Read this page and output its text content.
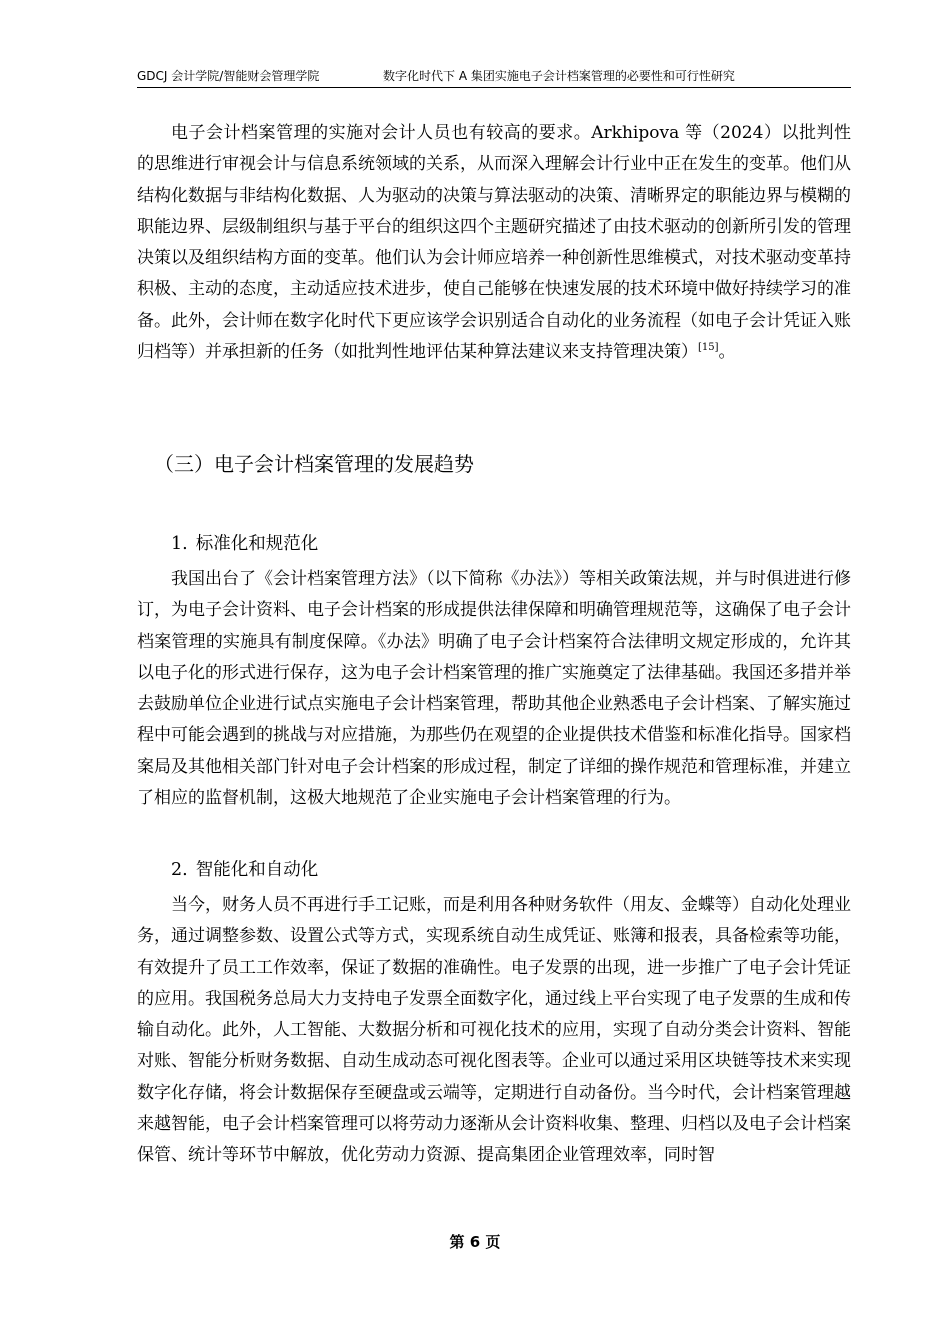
GDCJ 会计学院/智能财会管理学院	数字化时代下 A 集团实施电子会计档案管理的必要性和可行性研究

电子会计档案管理的实施对会计人员也有较高的要求。Arkhipova 等（2024）以批判性的思维进行审视会计与信息系统领域的关系，从而深入理解会计行业中正在发生的变革。他们从结构化数据与非结构化数据、人为驱动的决策与算法驱动的决策、清晰界定的职能边界与模糊的职能边界、层级制组织与基于平台的组织这四个主题研究描述了由技术驱动的创新所引发的管理决策以及组织结构方面的变革。他们认为会计师应培养一种创新性思维模式，对技术驱动变革持积极、主动的态度，主动适应技术进步，使自己能够在快速发展的技术环境中做好持续学习的准备。此外，会计师在数字化时代下更应该学会识别适合自动化的业务流程（如电子会计凭证入账归档等）并承担新的任务（如批判性地评估某种算法建议来支持管理决策）[15]。

（三）电子会计档案管理的发展趋势
1. 标准化和规范化

我国出台了《会计档案管理方法》（以下简称《办法》）等相关政策法规，并与时俱进进行修订，为电子会计资料、电子会计档案的形成提供法律保障和明确管理规范等，这确保了电子会计档案管理的实施具有制度保障。《办法》明确了电子会计档案符合法律明文规定形成的，允许其以电子化的形式进行保存，这为电子会计档案管理的推广实施奠定了法律基础。我国还多措并举去鼓励单位企业进行试点实施电子会计档案管理，帮助其他企业熟悉电子会计档案、了解实施过程中可能会遇到的挑战与对应措施，为那些仍在观望的企业提供技术借鉴和标准化指导。国家档案局及其他相关部门针对电子会计档案的形成过程，制定了详细的操作规范和管理标准，并建立了相应的监督机制，这极大地规范了企业实施电子会计档案管理的行为。

2. 智能化和自动化

当今，财务人员不再进行手工记账，而是利用各种财务软件（用友、金蝶等）自动化处理业务，通过调整参数、设置公式等方式，实现系统自动生成凭证、账簿和报表，具备检索等功能，有效提升了员工工作效率，保证了数据的准确性。电子发票的出现，进一步推广了电子会计凭证的应用。我国税务总局大力支持电子发票全面数字化，通过线上平台实现了电子发票的生成和传输自动化。此外，人工智能、大数据分析和可视化技术的应用，实现了自动分类会计资料、智能对账、智能分析财务数据、自动生成动态可视化图表等。企业可以通过采用区块链等技术来实现数字化存储，将会计数据保存至硬盘或云端等，定期进行自动备份。当今时代，会计档案管理越来越智能，电子会计档案管理可以将劳动力逐渐从会计资料收集、整理、归档以及电子会计档案保管、统计等环节中解放，优化劳动力资源、提高集团企业管理效率，同时智

第 6 页
